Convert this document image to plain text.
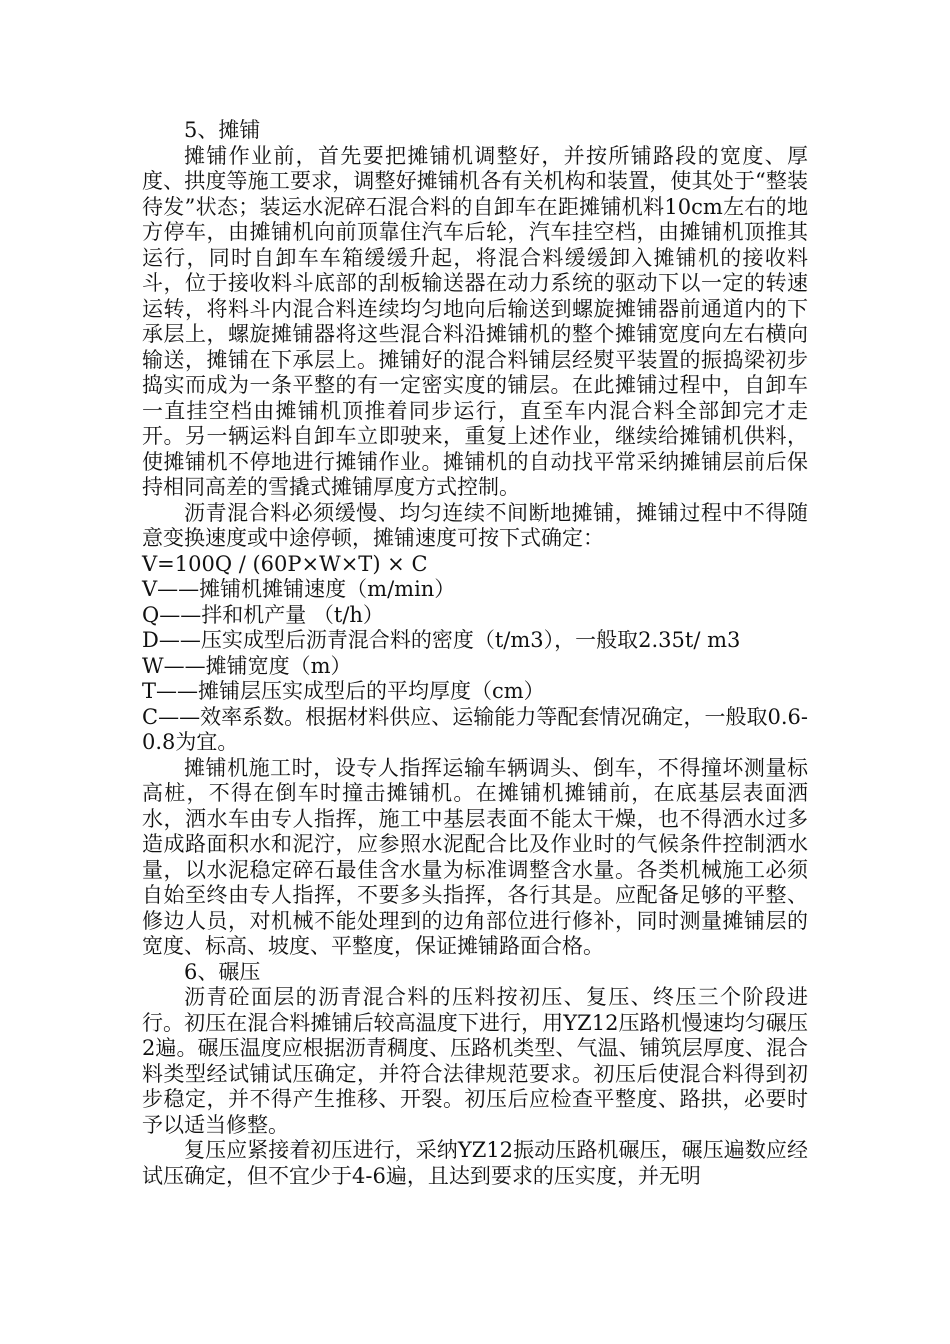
5、摊铺

摊铺作业前，首先要把摊铺机调整好，并按所铺路段的宽度、厚度、拱度等施工要求，调整好摊铺机各有关机构和装置，使其处于“整装待发”状态；装运水泥碎石混合料的自卸车在距摊铺机料10cm左右的地方停车，由摊铺机向前顶靠住汽车后轮，汽车挂空档，由摊铺机顶推其运行，同时自卸车车箱缓缓升起，将混合料缓缓卸入摊铺机的接收料斗，位于接收料斗底部的刮板输送器在动力系统的驱动下以一定的转速运转，将料斗内混合料连续均匀地向后输送到螺旋摊铺器前通道内的下承层上，螺旋摊铺器将这些混合料沿摊铺机的整个摊铺宽度向左右横向输送，摊铺在下承层上。摊铺好的混合料铺层经熨平装置的振捣梁初步捣实而成为一条平整的有一定密实度的铺层。在此摊铺过程中，自卸车一直挂空档由摊铺机顶推着同步运行，直至车内混合料全部卸完才走开。另一辆运料自卸车立即驶来，重复上述作业，继续给摊铺机供料，使摊铺机不停地进行摊铺作业。摊铺机的自动找平常采纳摊铺层前后保持相同高差的雪撬式摊铺厚度方式控制。

沥青混合料必须缓慢、均匀连续不间断地摊铺，摊铺过程中不得随意变换速度或中途停顿，摊铺速度可按下式确定：

V=100Q / (60P×W×T) × C

V——摊铺机摊铺速度（m/min）

Q——拌和机产量 （t/h）

D——压实成型后沥青混合料的密度（t/m3），一般取2.35t/ m3

W——摊铺宽度（m）

T——摊铺层压实成型后的平均厚度（cm）

C——效率系数。根据材料供应、运输能力等配套情况确定，一般取0.6-0.8为宜。

摊铺机施工时，设专人指挥运输车辆调头、倒车，不得撞坏测量标高桩，不得在倒车时撞击摊铺机。在摊铺机摊铺前，在底基层表面洒水，洒水车由专人指挥，施工中基层表面不能太干燥，也不得洒水过多造成路面积水和泥泞，应参照水泥配合比及作业时的气候条件控制洒水量，以水泥稳定碎石最佳含水量为标准调整含水量。各类机械施工必须自始至终由专人指挥，不要多头指挥，各行其是。应配备足够的平整、修边人员，对机械不能处理到的边角部位进行修补，同时测量摊铺层的宽度、标高、坡度、平整度，保证摊铺路面合格。

6、碾压

沥青砼面层的沥青混合料的压料按初压、复压、终压三个阶段进行。初压在混合料摊铺后较高温度下进行，用YZ12压路机慢速均匀碾压2遍。碾压温度应根据沥青稠度、压路机类型、气温、铺筑层厚度、混合料类型经试铺试压确定，并符合法律规范要求。初压后使混合料得到初步稳定，并不得产生推移、开裂。初压后应检查平整度、路拱，必要时予以适当修整。

复压应紧接着初压进行，采纳YZ12振动压路机碾压，碾压遍数应经试压确定，但不宜少于4-6遍，且达到要求的压实度，并无明
